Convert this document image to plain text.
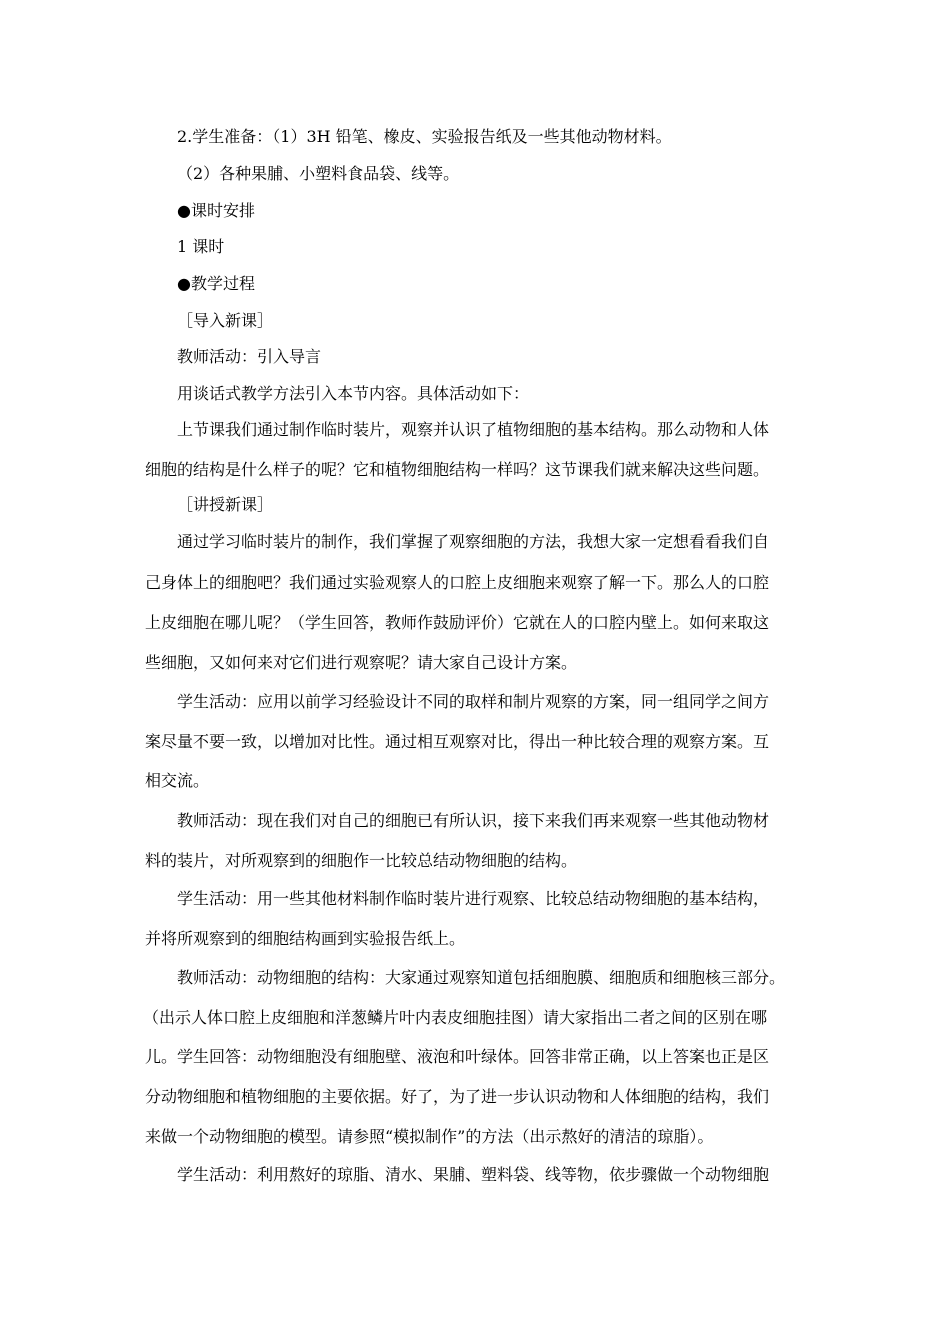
2.学生准备：（1）3H 铅笔、橡皮、实验报告纸及一些其他动物材料。
（2）各种果脯、小塑料食品袋、线等。
●课时安排
1 课时
●教学过程
［导入新课］
教师活动：引入导言
用谈话式教学方法引入本节内容。具体活动如下：
上节课我们通过制作临时装片，观察并认识了植物细胞的基本结构。那么动物和人体
细胞的结构是什么样子的呢？它和植物细胞结构一样吗？这节课我们就来解决这些问题。
［讲授新课］
通过学习临时装片的制作，我们掌握了观察细胞的方法，我想大家一定想看看我们自
己身体上的细胞吧？我们通过实验观察人的口腔上皮细胞来观察了解一下。那么人的口腔
上皮细胞在哪儿呢？（学生回答，教师作鼓励评价）它就在人的口腔内壁上。如何来取这
些细胞，又如何来对它们进行观察呢？请大家自己设计方案。
学生活动：应用以前学习经验设计不同的取样和制片观察的方案，同一组同学之间方
案尽量不要一致，以增加对比性。通过相互观察对比，得出一种比较合理的观察方案。互
相交流。
教师活动：现在我们对自己的细胞已有所认识，接下来我们再来观察一些其他动物材
料的装片，对所观察到的细胞作一比较总结动物细胞的结构。
学生活动：用一些其他材料制作临时装片进行观察、比较总结动物细胞的基本结构，
并将所观察到的细胞结构画到实验报告纸上。
教师活动：动物细胞的结构：大家通过观察知道包括细胞膜、细胞质和细胞核三部分。
（出示人体口腔上皮细胞和洋葱鳞片叶内表皮细胞挂图）请大家指出二者之间的区别在哪
儿。学生回答：动物细胞没有细胞壁、液泡和叶绿体。回答非常正确，以上答案也正是区
分动物细胞和植物细胞的主要依据。好了，为了进一步认识动物和人体细胞的结构，我们
来做一个动物细胞的模型。请参照“模拟制作”的方法（出示熬好的清洁的琼脂）。
学生活动：利用熬好的琼脂、清水、果脯、塑料袋、线等物，依步骤做一个动物细胞
